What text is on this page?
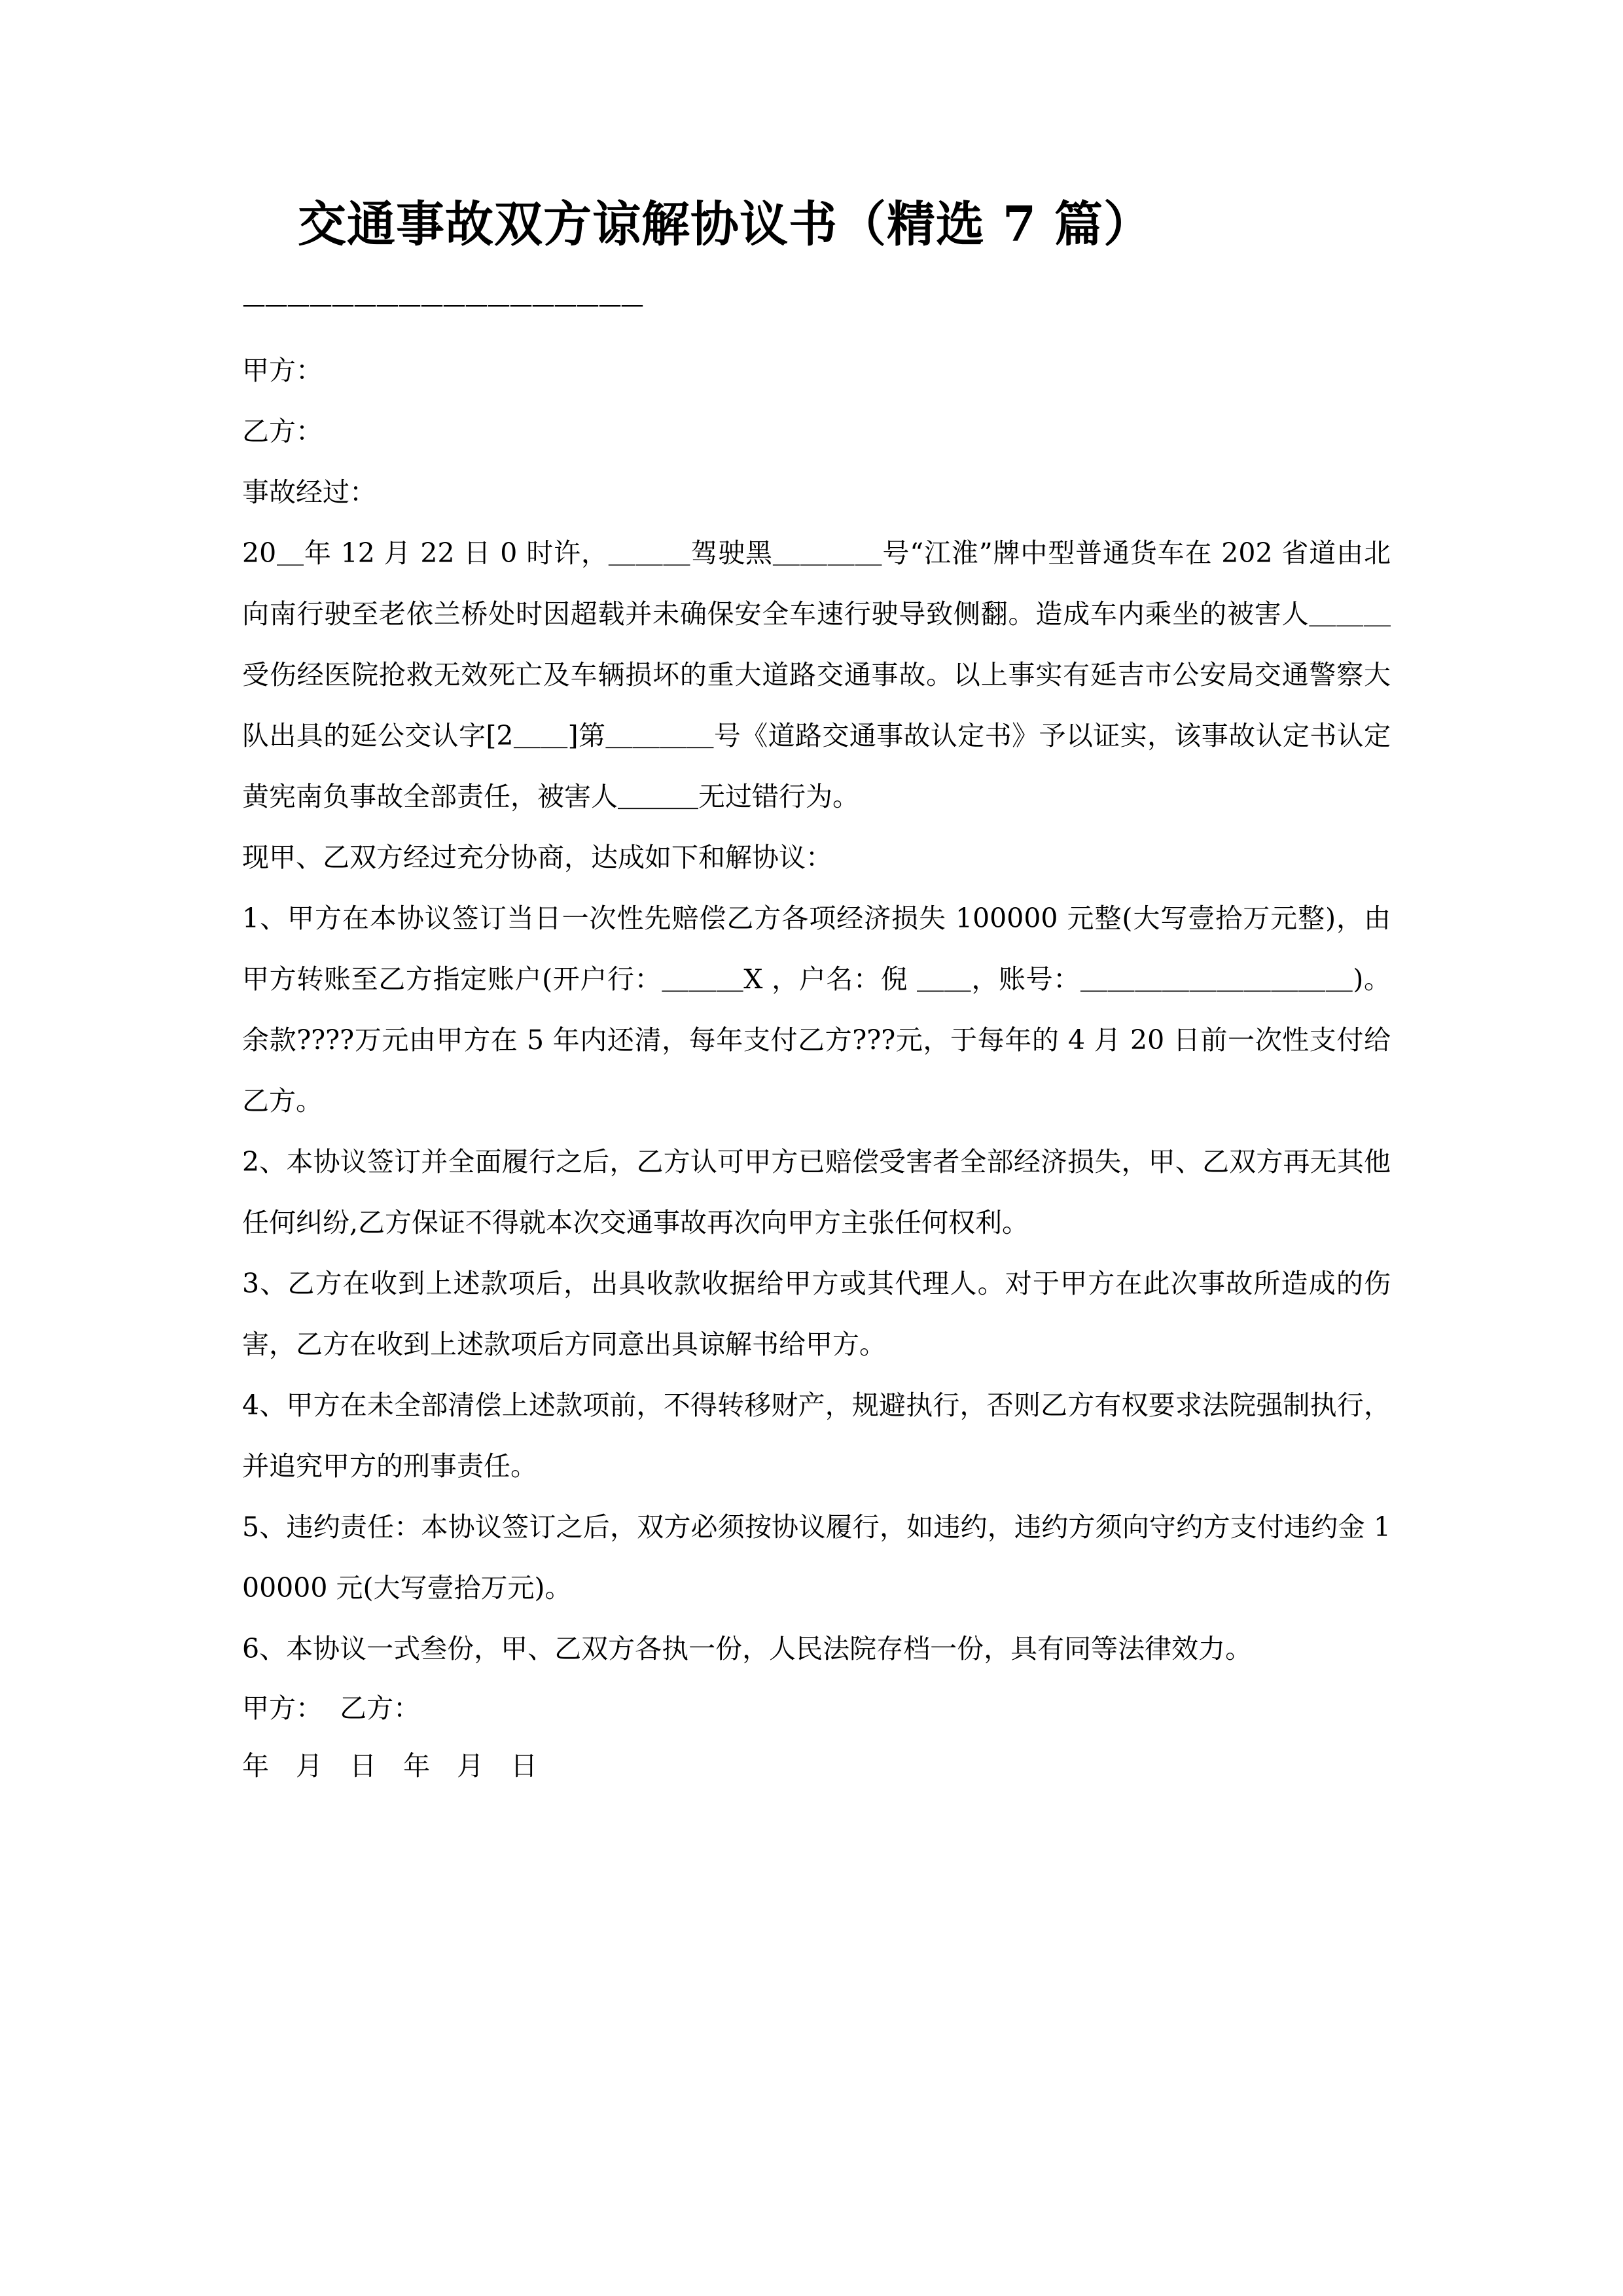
交通事故双方谅解协议书（精选 7 篇）
——————————————————

甲方：

乙方：

事故经过：

20＿年 12 月 22 日 0 时许，＿＿＿驾驶黑＿＿＿＿号“江淮”牌中型普通货车在 202 省道由北向南行驶至老依兰桥处时因超载并未确保安全车速行驶导致侧翻。造成车内乘坐的被害人＿＿＿受伤经医院抢救无效死亡及车辆损坏的重大道路交通事故。以上事实有延吉市公安局交通警察大队出具的延公交认字[2＿＿]第＿＿＿＿号《道路交通事故认定书》予以证实，该事故认定书认定黄宪南负事故全部责任，被害人＿＿＿无过错行为。

现甲、乙双方经过充分协商，达成如下和解协议：

1、甲方在本协议签订当日一次性先赔偿乙方各项经济损失 100000 元整(大写壹拾万元整)，由甲方转账至乙方指定账户(开户行：＿＿＿X ，户名：倪 ＿＿，账号：＿＿＿＿＿＿＿＿＿＿)。余款????万元由甲方在 5 年内还清，每年支付乙方???元，于每年的 4 月 20 日前一次性支付给乙方。

2、本协议签订并全面履行之后，乙方认可甲方已赔偿受害者全部经济损失，甲、乙双方再无其他任何纠纷,乙方保证不得就本次交通事故再次向甲方主张任何权利。

3、乙方在收到上述款项后，出具收款收据给甲方或其代理人。对于甲方在此次事故所造成的伤害，乙方在收到上述款项后方同意出具谅解书给甲方。

4、甲方在未全部清偿上述款项前，不得转移财产，规避执行，否则乙方有权要求法院强制执行，并追究甲方的刑事责任。

5、违约责任：本协议签订之后，双方必须按协议履行，如违约，违约方须向守约方支付违约金 100000 元(大写壹拾万元)。

6、本协议一式叁份，甲、乙双方各执一份，人民法院存档一份，具有同等法律效力。

甲方：  乙方：

年 月 日 年 月 日
